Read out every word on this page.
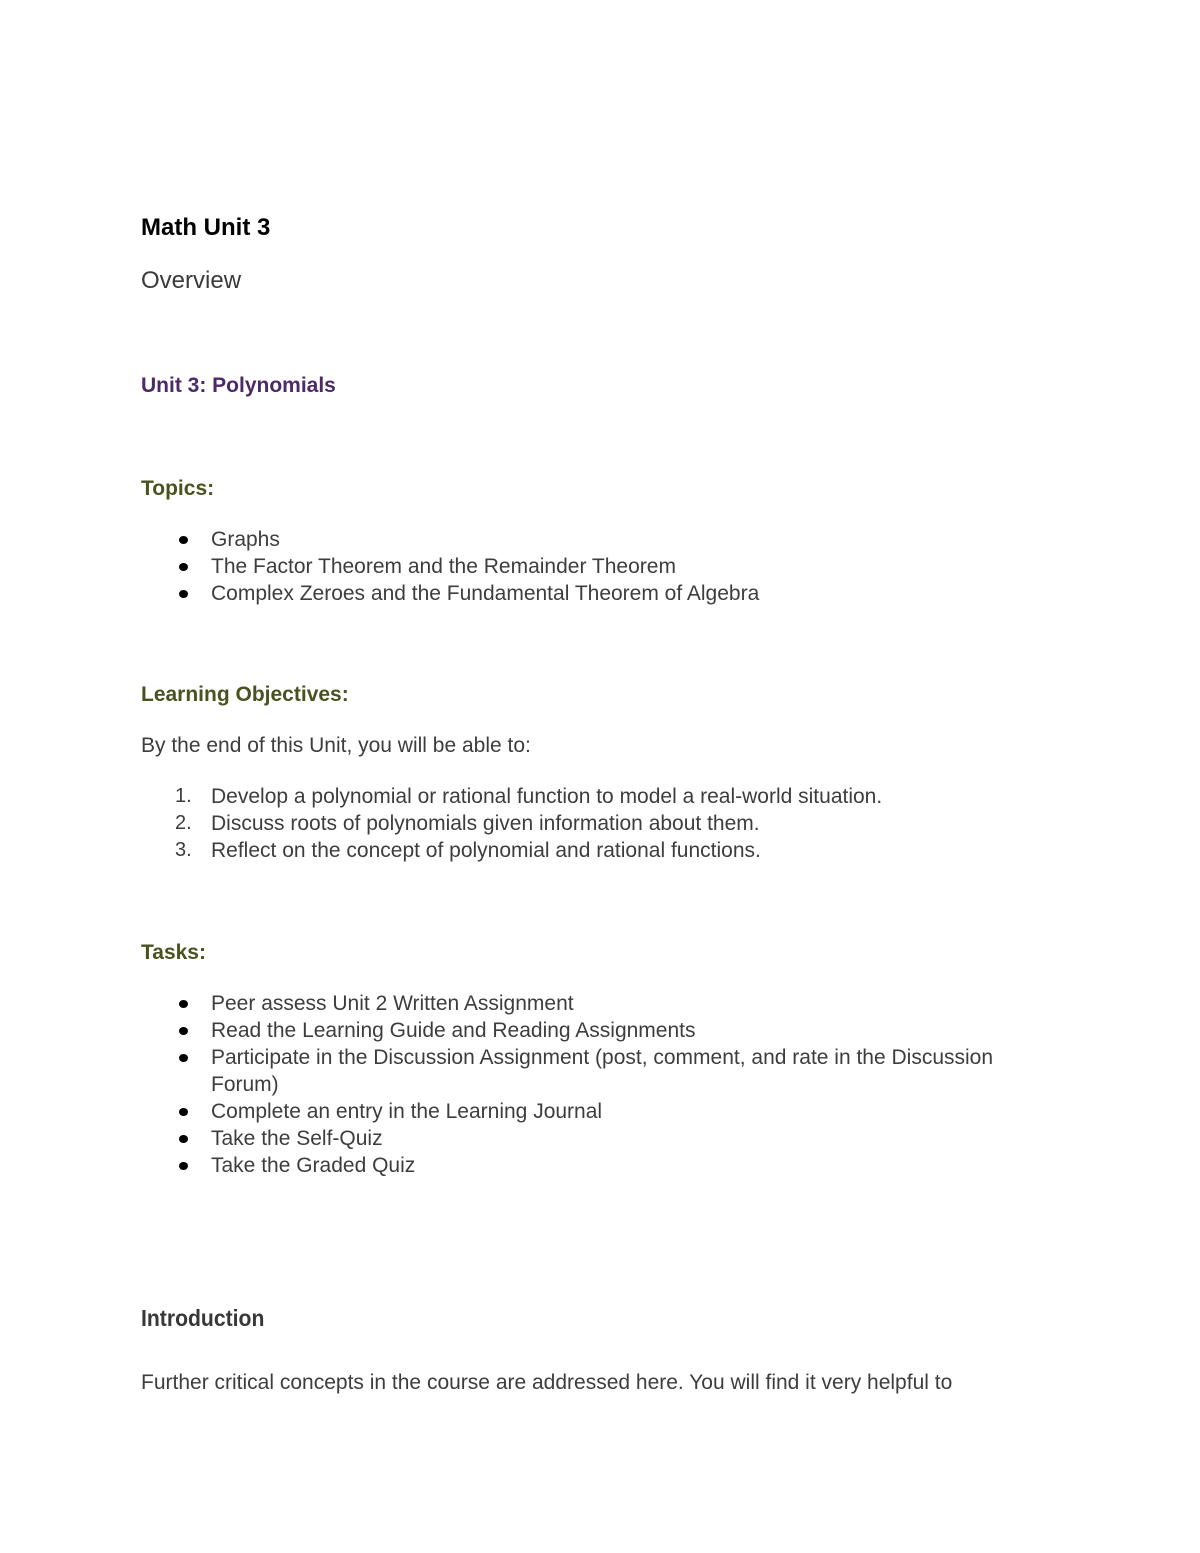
Math Unit 3
Overview
Unit 3: Polynomials
Topics:
Graphs
The Factor Theorem and the Remainder Theorem
Complex Zeroes and the Fundamental Theorem of Algebra
Learning Objectives:

By the end of this Unit, you will be able to:

1. Develop a polynomial or rational function to model a real-world situation.
2. Discuss roots of polynomials given information about them.
3. Reflect on the concept of polynomial and rational functions.
Tasks:
Peer assess Unit 2 Written Assignment
Read the Learning Guide and Reading Assignments
Participate in the Discussion Assignment (post, comment, and rate in the Discussion Forum)
Complete an entry in the Learning Journal
Take the Self-Quiz
Take the Graded Quiz
Introduction

Further critical concepts in the course are addressed here. You will find it very helpful to
